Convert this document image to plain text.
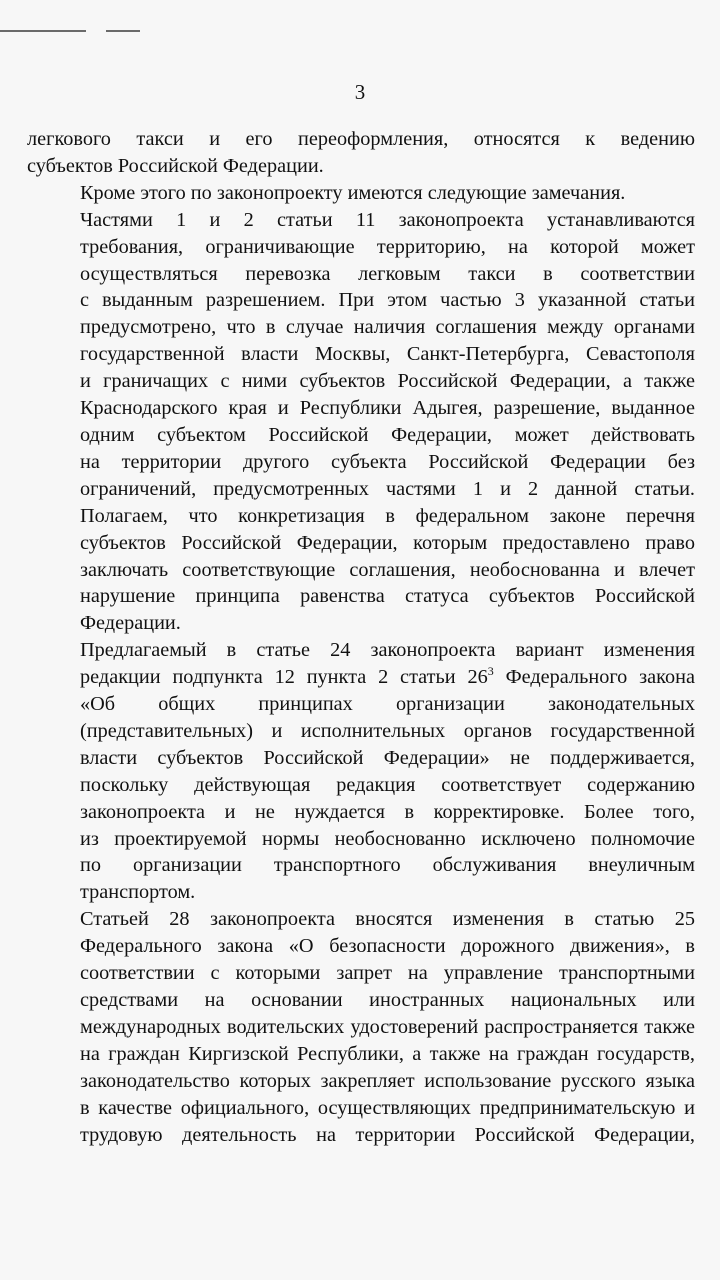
3

легкового такси и его переоформления, относятся к ведению
субъектов Российской Федерации.

Кроме этого по законопроекту имеются следующие замечания.

Частями 1 и 2 статьи 11 законопроекта устанавливаются
требования, ограничивающие территорию, на которой может
осуществляться перевозка легковым такси в соответствии
с выданным разрешением. При этом частью 3 указанной статьи
предусмотрено, что в случае наличия соглашения между органами
государственной власти Москвы, Санкт-Петербурга, Севастополя
и граничащих с ними субъектов Российской Федерации, а также
Краснодарского края и Республики Адыгея, разрешение, выданное
одним субъектом Российской Федерации, может действовать
на территории другого субъекта Российской Федерации без
ограничений, предусмотренных частями 1 и 2 данной статьи.
Полагаем, что конкретизация в федеральном законе перечня
субъектов Российской Федерации, которым предоставлено право
заключать соответствующие соглашения, необоснованна и влечет
нарушение принципа равенства статуса субъектов Российской
Федерации.

Предлагаемый в статье 24 законопроекта вариант изменения
редакции подпункта 12 пункта 2 статьи $26^3$ Федерального закона
«Об общих принципах организации законодательных
(представительных) и исполнительных органов государственной
власти субъектов Российской Федерации» не поддерживается,
поскольку действующая редакция соответствует содержанию
законопроекта и не нуждается в корректировке. Более того,
из проектируемой нормы необоснованно исключено полномочие
по организации транспортного обслуживания внеуличным
транспортом.

Статьей 28 законопроекта вносятся изменения в статью 25
Федерального закона «О безопасности дорожного движения», в
соответствии с которыми запрет на управление транспортными
средствами на основании иностранных национальных или
международных водительских удостоверений распространяется также
на граждан Киргизской Республики, а также на граждан государств,
законодательство которых закрепляет использование русского языка
в качестве официального, осуществляющих предпринимательскую и
трудовую деятельность на территории Российской Федерации,
